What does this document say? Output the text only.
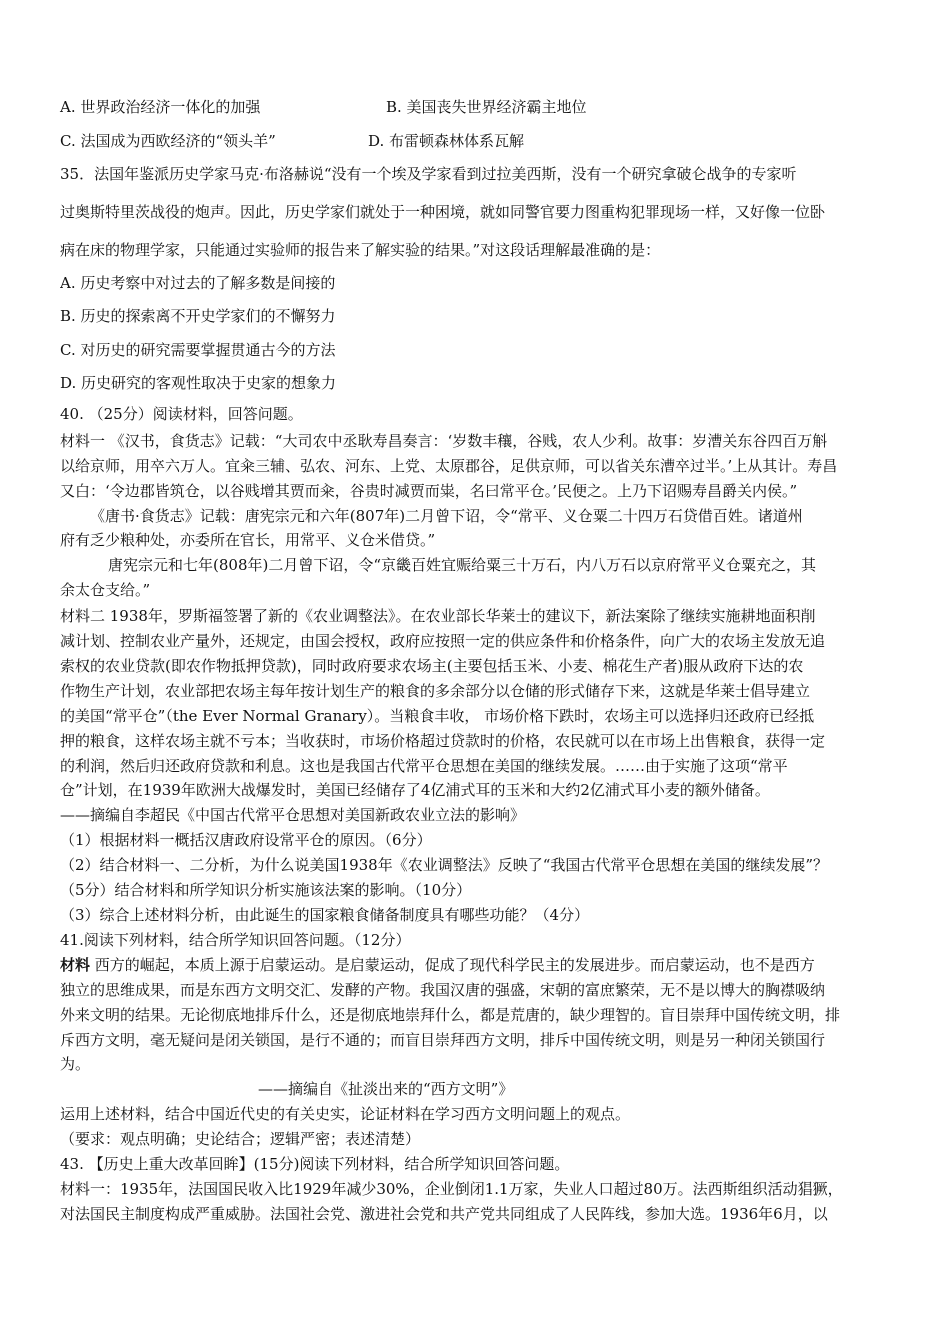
A. 世界政治经济一体化的加强	B. 美国丧失世界经济霸主地位
C. 法国成为西欧经济的“领头羊”	D. 布雷顿森林体系瓦解
35．法国年鉴派历史学家马克·布洛赫说“没有一个埃及学家看到过拉美西斯，没有一个研究拿破仑战争的专家听
过奥斯特里茨战役的炮声。因此，历史学家们就处于一种困境，就如同警官要力图重构犯罪现场一样，又好像一位卧
病在床的物理学家，只能通过实验师的报告来了解实验的结果。”对这段话理解最准确的是：
A. 历史考察中对过去的了解多数是间接的
B. 历史的探索离不开史学家们的不懈努力
C. 对历史的研究需要掌握贯通古今的方法
D. 历史研究的客观性取决于史家的想象力
40. （25分）阅读材料，回答问题。
材料一 《汉书，食货志》记载：“大司农中丞耿寿昌奏言：‘岁数丰穰，谷贱，农人少利。故事：岁漕关东谷四百万斛
以给京师，用卒六万人。宜籴三辅、弘农、河东、上党、太原郡谷，足供京师，可以省关东漕卒过半。’上从其计。寿昌
又白：‘令边郡皆筑仓，以谷贱增其贾而籴，谷贵时减贾而粜，名曰常平仓。’民便之。上乃下诏赐寿昌爵关内侯。”
《唐书·食货志》记载：唐宪宗元和六年(807年)二月曾下诏，令“常平、义仓粟二十四万石贷借百姓。诸道州
府有乏少粮种处，亦委所在官长，用常平、义仓米借贷。”
唐宪宗元和七年(808年)二月曾下诏，令“京畿百姓宜赈给粟三十万石，内八万石以京府常平义仓粟充之，其
余太仓支给。”
材料二 1938年，罗斯福签署了新的《农业调整法》。在农业部长华莱士的建议下，新法案除了继续实施耕地面积削
减计划、控制农业产量外，还规定，由国会授权，政府应按照一定的供应条件和价格条件，向广大的农场主发放无追
索权的农业贷款(即农作物抵押贷款)，同时政府要求农场主(主要包括玉米、小麦、棉花生产者)服从政府下达的农
作物生产计划，农业部把农场主每年按计划生产的粮食的多余部分以仓储的形式储存下来，这就是华莱士倡导建立
的美国“常平仓”（the Ever Normal Granary）。当粮食丰收， 市场价格下跌时，农场主可以选择归还政府已经抵
押的粮食，这样农场主就不亏本；当收获时，市场价格超过贷款时的价格，农民就可以在市场上出售粮食，获得一定
的利润，然后归还政府贷款和利息。这也是我国古代常平仓思想在美国的继续发展。……由于实施了这项“常平
仓”计划，在1939年欧洲大战爆发时，美国已经储存了4亿浦式耳的玉米和大约2亿浦式耳小麦的额外储备。
——摘编自李超民《中国古代常平仓思想对美国新政农业立法的影响》
（1）根据材料一概括汉唐政府设常平仓的原因。（6分）
（2）结合材料一、二分析，为什么说美国1938年《农业调整法》反映了“我国古代常平仓思想在美国的继续发展”？
（5分）结合材料和所学知识分析实施该法案的影响。（10分）
（3）综合上述材料分析，由此诞生的国家粮食储备制度具有哪些功能？（4分）
41.阅读下列材料，结合所学知识回答问题。（12分）
材料 西方的崛起，本质上源于启蒙运动。是启蒙运动，促成了现代科学民主的发展进步。而启蒙运动，也不是西方
独立的思维成果，而是东西方文明交汇、发酵的产物。我国汉唐的强盛，宋朝的富庶繁荣，无不是以博大的胸襟吸纳
外来文明的结果。无论彻底地排斥什么，还是彻底地崇拜什么，都是荒唐的，缺少理智的。盲目崇拜中国传统文明，排
斥西方文明，毫无疑问是闭关锁国，是行不通的；而盲目崇拜西方文明，排斥中国传统文明，则是另一种闭关锁国行
为。
——摘编自《扯淡出来的“西方文明”》
运用上述材料，结合中国近代史的有关史实，论证材料在学习西方文明问题上的观点。
（要求：观点明确；史论结合；逻辑严密；表述清楚）
43. 【历史上重大改革回眸】(15分)阅读下列材料，结合所学知识回答问题。
材料一：1935年，法国国民收入比1929年减少30%，企业倒闭1.1万家，失业人口超过80万。法西斯组织活动猖獗，
对法国民主制度构成严重威胁。法国社会党、激进社会党和共产党共同组成了人民阵线，参加大选。1936年6月，以
